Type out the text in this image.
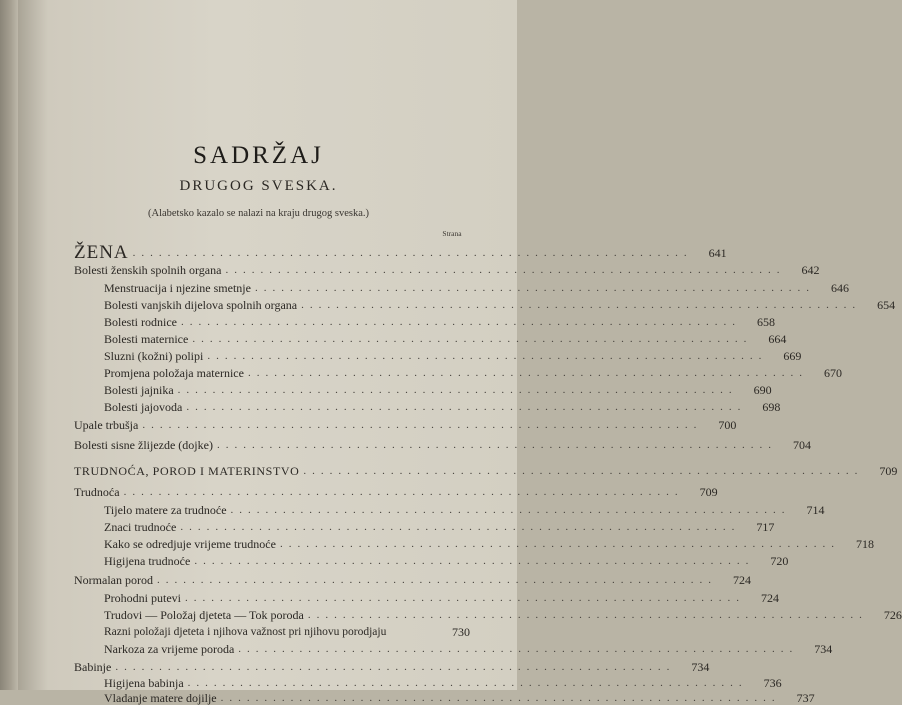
SADRŽAJ
DRUGOG SVESKA.
(Alabetsko kazalo se nalazi na kraju drugog sveska.)
Strana
ŽENA ................................................................	641
Bolesti ženskih spolnih organa ................................................................	642
Menstruacija i njezine smetnje ................................................................	646
Bolesti vanjskih dijelova spolnih organa ................................................................	654
Bolesti rodnice ................................................................	658
Bolesti maternice ................................................................	664
Sluzni (kožni) polipi ................................................................	669
Promjena položaja maternice ................................................................	670
Bolesti jajnika ................................................................	690
Bolesti jajovoda ................................................................	698
Upale trbušja ................................................................	700
Bolesti sisne žlijezde (dojke) ................................................................	704
TRUDNOĆA, POROD I MATERINSTVO ................................................................	709
Trudnoća ................................................................	709
Tijelo matere za trudnoće ................................................................	714
Znaci trudnoće ................................................................	717
Kako se odredjuje vrijeme trudnoće ................................................................	718
Higijena trudnoće ................................................................	720
Normalan porod ................................................................	724
Prohodni putevi ................................................................	724
Trudovi — Položaj djeteta — Tok poroda ................................................................	726
Razni položaji djeteta i njihova važnost pri njihovu porodjaju	730
Narkoza za vrijeme poroda ................................................................	734
Babinje ................................................................	734
Higijena babinja ................................................................	736
Vladanje matere dojilje ................................................................	737
